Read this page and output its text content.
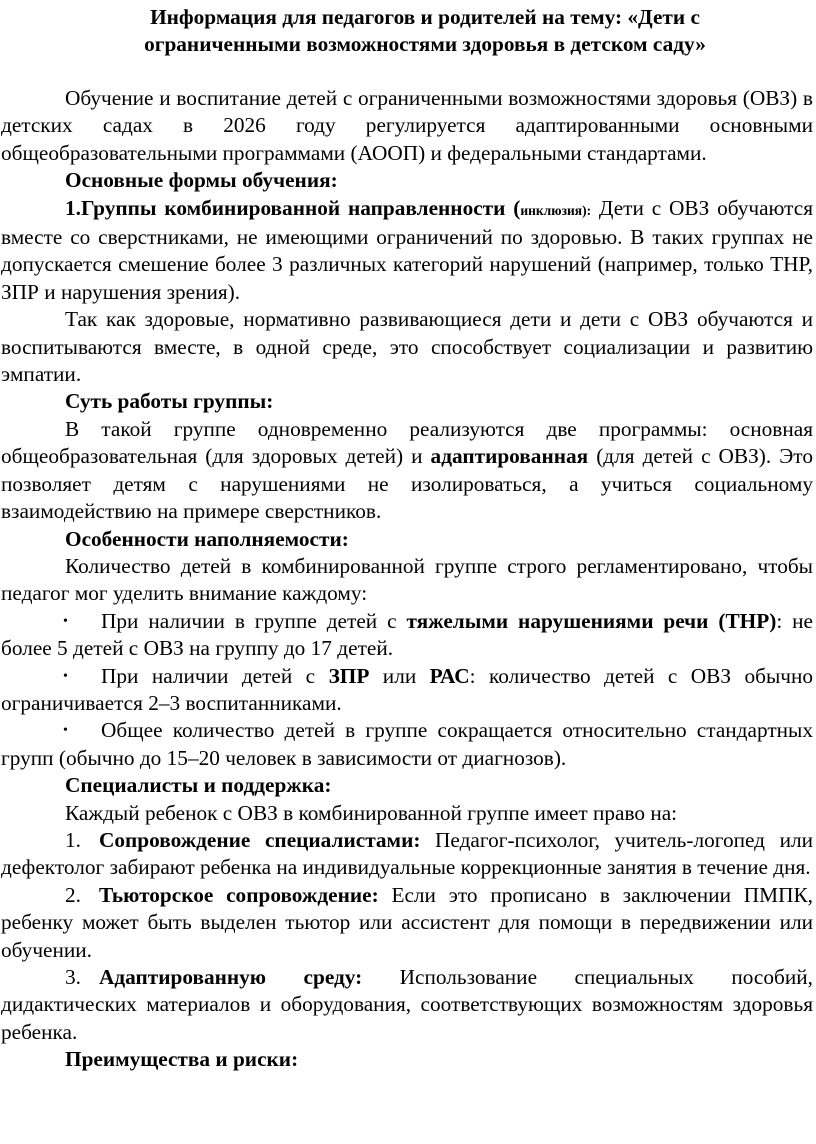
Информация для педагогов и родителей на тему: «Дети с
ограниченными возможностями здоровья в детском саду»

Обучение и воспитание детей с ограниченными возможностями здоровья (ОВЗ) в детских садах в 2026 году регулируется адаптированными основными общеобразовательными программами (АООП) и федеральными стандартами.

Основные формы обучения:

1.Группы комбинированной направленности (инклюзия): Дети с ОВЗ обучаются вместе со сверстниками, не имеющими ограничений по здоровью. В таких группах не допускается смешение более 3 различных категорий нарушений (например, только ТНР, ЗПР и нарушения зрения).

Так как здоровые, нормативно развивающиеся дети и дети с ОВЗ обучаются и воспитываются вместе, в одной среде, это способствует социализации и развитию эмпатии.

Суть работы группы:

В такой группе одновременно реализуются две программы: основная общеобразовательная (для здоровых детей) и адаптированная (для детей с ОВЗ). Это позволяет детям с нарушениями не изолироваться, а учиться социальному взаимодействию на примере сверстников.

Особенности наполняемости:

Количество детей в комбинированной группе строго регламентировано, чтобы педагог мог уделить внимание каждому:

• При наличии в группе детей с тяжелыми нарушениями речи (ТНР): не более 5 детей с ОВЗ на группу до 17 детей.

• При наличии детей с ЗПР или РАС: количество детей с ОВЗ обычно ограничивается 2–3 воспитанниками.

• Общее количество детей в группе сокращается относительно стандартных групп (обычно до 15–20 человек в зависимости от диагнозов).

Специалисты и поддержка:

Каждый ребенок с ОВЗ в комбинированной группе имеет право на:

1. Сопровождение специалистами: Педагог-психолог, учитель-логопед или дефектолог забирают ребенка на индивидуальные коррекционные занятия в течение дня.

2. Тьюторское сопровождение: Если это прописано в заключении ПМПК, ребенку может быть выделен тьютор или ассистент для помощи в передвижении или обучении.

3. Адаптированную среду: Использование специальных пособий, дидактических материалов и оборудования, соответствующих возможностям здоровья ребенка.

Преимущества и риски:
